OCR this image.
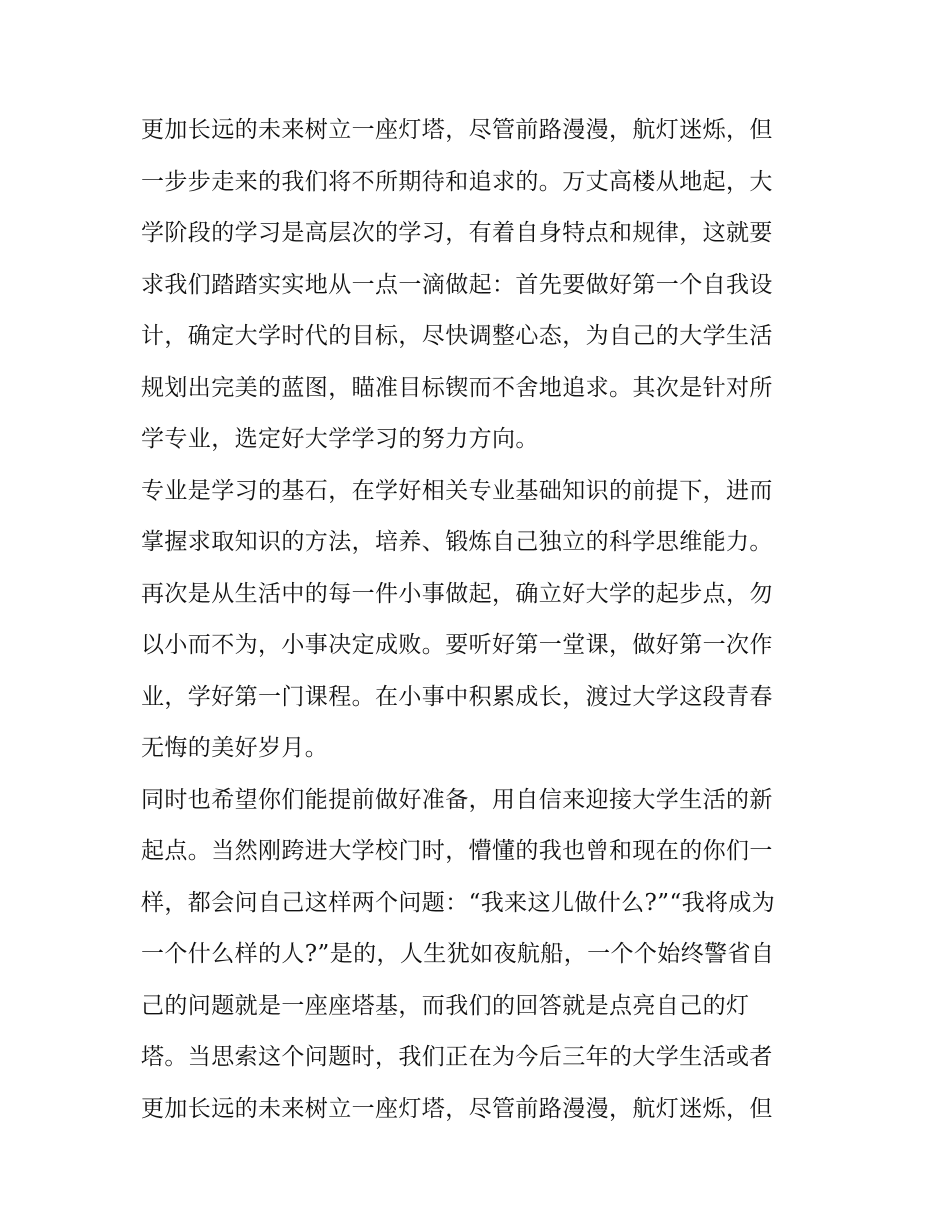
更加长远的未来树立一座灯塔，尽管前路漫漫，航灯迷烁，但
一步步走来的我们将不所期待和追求的。万丈高楼从地起，大
学阶段的学习是高层次的学习，有着自身特点和规律，这就要
求我们踏踏实实地从一点一滴做起：首先要做好第一个自我设
计，确定大学时代的目标，尽快调整心态，为自己的大学生活
规划出完美的蓝图，瞄准目标锲而不舍地追求。其次是针对所
学专业，选定好大学学习的努力方向。
专业是学习的基石，在学好相关专业基础知识的前提下，进而
掌握求取知识的方法，培养、锻炼自己独立的科学思维能力。
再次是从生活中的每一件小事做起，确立好大学的起步点，勿
以小而不为，小事决定成败。要听好第一堂课，做好第一次作
业，学好第一门课程。在小事中积累成长，渡过大学这段青春
无悔的美好岁月。
同时也希望你们能提前做好准备，用自信来迎接大学生活的新
起点。当然刚跨进大学校门时，懵懂的我也曾和现在的你们一
样，都会问自己这样两个问题：“我来这儿做什么?”“我将成为
一个什么样的人?”是的，人生犹如夜航船，一个个始终警省自
己的问题就是一座座塔基，而我们的回答就是点亮自己的灯
塔。当思索这个问题时，我们正在为今后三年的大学生活或者
更加长远的未来树立一座灯塔，尽管前路漫漫，航灯迷烁，但
